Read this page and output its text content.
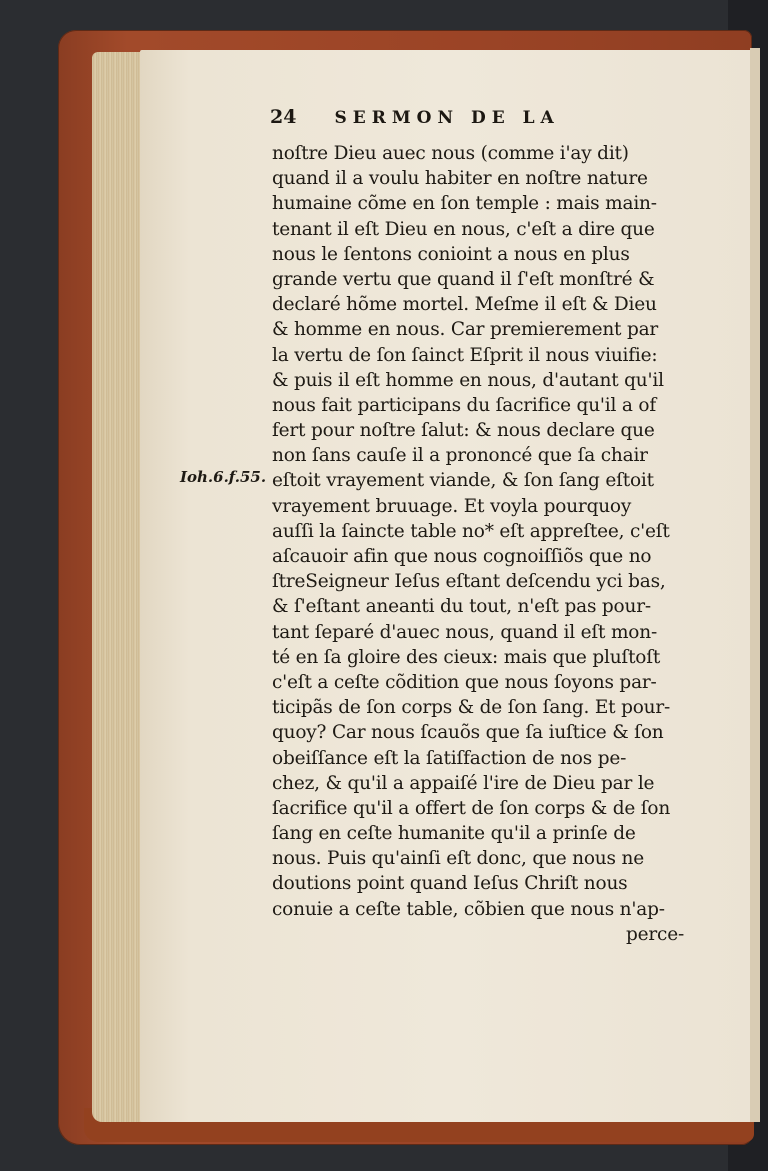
24 SERMON DE LA
Ioh.6.f.55.
noſtre Dieu auec nous (comme i'ay dit)
quand il a voulu habiter en noſtre nature
humaine cõme en ſon temple : mais main-
tenant il eſt Dieu en nous, c'eſt a dire que
nous le ſentons conioint a nous en plus
grande vertu que quand il ſ'eſt monſtré &
declaré hõme mortel. Meſme il eſt & Dieu
& homme en nous. Car premierement par
la vertu de ſon ſainct Eſprit il nous viuifie:
& puis il eſt homme en nous, d'autant qu'il
nous fait participans du ſacrifice qu'il a of
fert pour noſtre ſalut: & nous declare que
non ſans cauſe il a prononcé que ſa chair
eſtoit vrayement viande, & ſon ſang eſtoit
vrayement bruuage. Et voyla pourquoy
auſſi la ſaincte table no* eſt appreſtee, c'eſt
aſcauoir afin que nous cognoiſſiõs que no
ſtreSeigneur Ieſus eſtant deſcendu yci bas,
& ſ'eſtant aneanti du tout, n'eſt pas pour-
tant ſeparé d'auec nous, quand il eſt mon-
té en ſa gloire des cieux: mais que pluſtoſt
c'eſt a ceſte cõdition que nous ſoyons par-
ticipãs de ſon corps & de ſon ſang. Et pour-
quoy? Car nous ſcauõs que ſa iuſtice & ſon
obeiſſance eſt la ſatiſfaction de nos pe-
chez, & qu'il a appaiſé l'ire de Dieu par le
ſacrifice qu'il a offert de ſon corps & de ſon
ſang en ceſte humanite qu'il a prinſe de
nous. Puis qu'ainſi eſt donc, que nous ne
doutions point quand Ieſus Chriſt nous
conuie a ceſte table, cõbien que nous n'ap-
perce-
